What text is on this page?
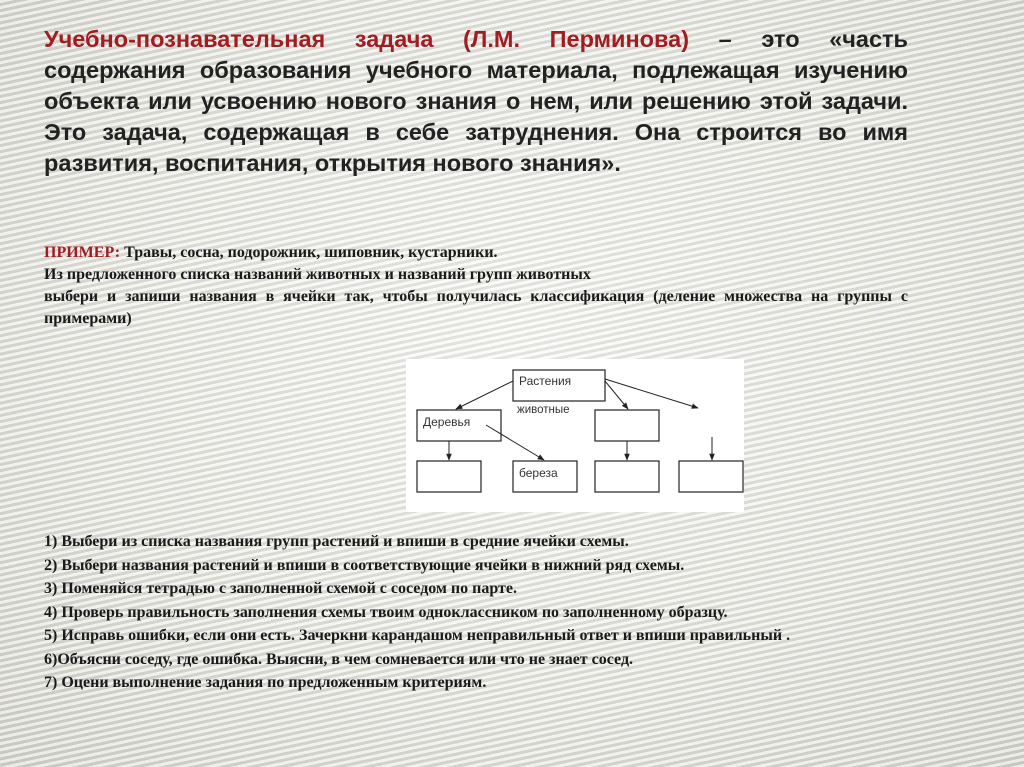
Учебно-познавательная задача (Л.М. Перминова) – это «часть содержания образования учебного материала, подлежащая изучению объекта или усвоению нового знания о нем, или решению этой задачи. Это задача, содержащая в себе затруднения. Она строится во имя развития, воспитания, открытия нового знания».

ПРИМЕР: Травы, сосна, подорожник, шиповник, кустарники.
Из предложенного списка названий животных и названий групп животных
выбери и запиши названия в ячейки так, чтобы получилась классификация (деление множества на группы с примерами)
Растения
животные
Деревья
береза
1) Выбери из списка названия групп растений и впиши в средние ячейки схемы.
2) Выбери названия растений и впиши в соответствующие ячейки в нижний ряд схемы.
3) Поменяйся тетрадью с заполненной схемой с соседом по парте.
4) Проверь правильность заполнения схемы твоим одноклассником по заполненному образцу.
5) Исправь ошибки, если они есть. Зачеркни карандашом неправильный ответ и впиши правильный .
6)Объясни соседу, где ошибка. Выясни, в чем сомневается или что не знает сосед.
7) Оцени выполнение задания по предложенным критериям.
